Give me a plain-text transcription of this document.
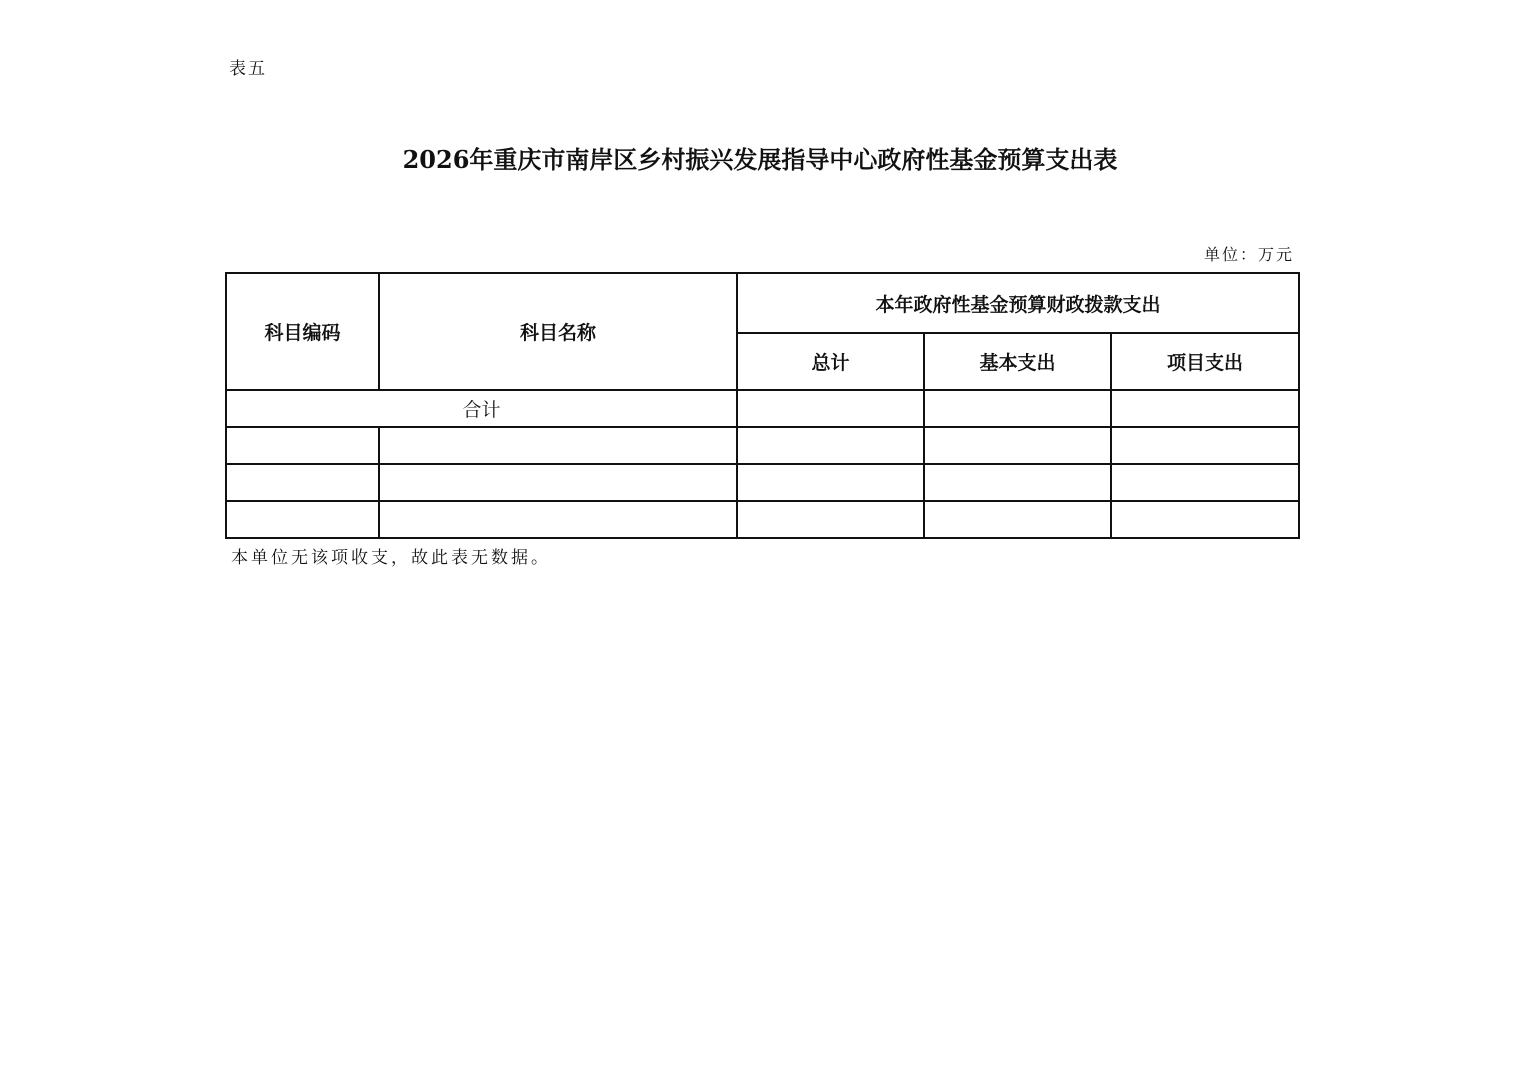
表五
2026年重庆市南岸区乡村振兴发展指导中心政府性基金预算支出表
单位：万元
科目编码	科目名称	本年政府性基金预算财政拨款支出		
		总计	基本支出	项目支出
合计				

本单位无该项收支，故此表无数据。
